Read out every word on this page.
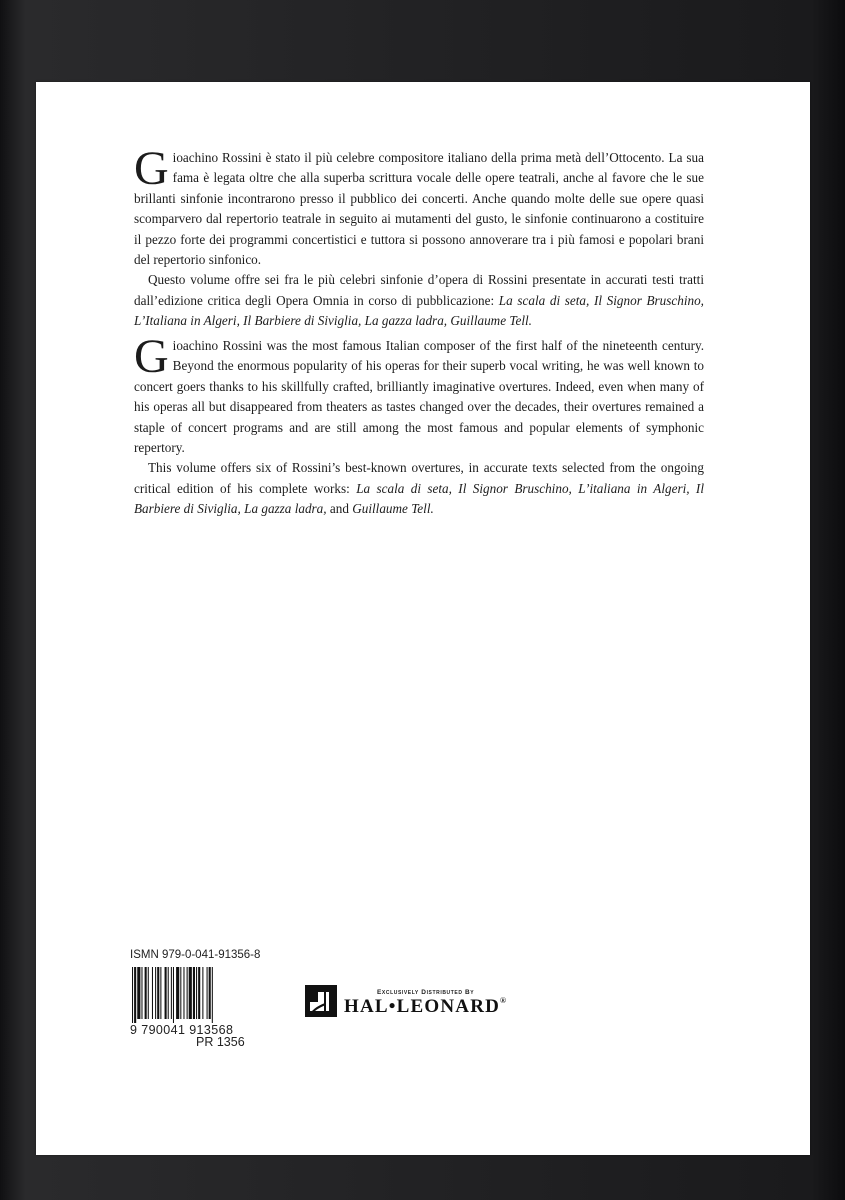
Gioachino Rossini è stato il più celebre compositore italiano della prima metà dell’Ottocento. La sua fama è legata oltre che alla superba scrittura vocale delle opere teatrali, anche al favore che le sue brillanti sinfonie incontrarono presso il pubblico dei concerti. Anche quando molte delle sue opere quasi scomparvero dal repertorio teatrale in seguito ai mutamenti del gusto, le sinfonie continuarono a costituire il pezzo forte dei programmi concertistici e tuttora si possono annoverare tra i più famosi e popolari brani del repertorio sinfonico.

Questo volume offre sei fra le più celebri sinfonie d’opera di Rossini presentate in accurati testi tratti dall’edizione critica degli Opera Omnia in corso di pubblicazione: La scala di seta, Il Signor Bruschino, L’Italiana in Algeri, Il Barbiere di Siviglia, La gazza ladra, Guillaume Tell.

Gioachino Rossini was the most famous Italian composer of the first half of the nineteenth century. Beyond the enormous popularity of his operas for their superb vocal writing, he was well known to concert goers thanks to his skillfully crafted, brilliantly imaginative overtures. Indeed, even when many of his operas all but disappeared from theaters as tastes changed over the decades, their overtures remained a staple of concert programs and are still among the most famous and popular elements of symphonic repertory.

This volume offers six of Rossini’s best-known overtures, in accurate texts selected from the ongoing critical edition of his complete works: La scala di seta, Il Signor Bruschino, L’italiana in Algeri, Il Barbiere di Siviglia, La gazza ladra, and Guillaume Tell.

ISMN 979-0-041-91356-8
9 790041 913568
PR 1356
Exclusively Distributed By
HAL•LEONARD®
